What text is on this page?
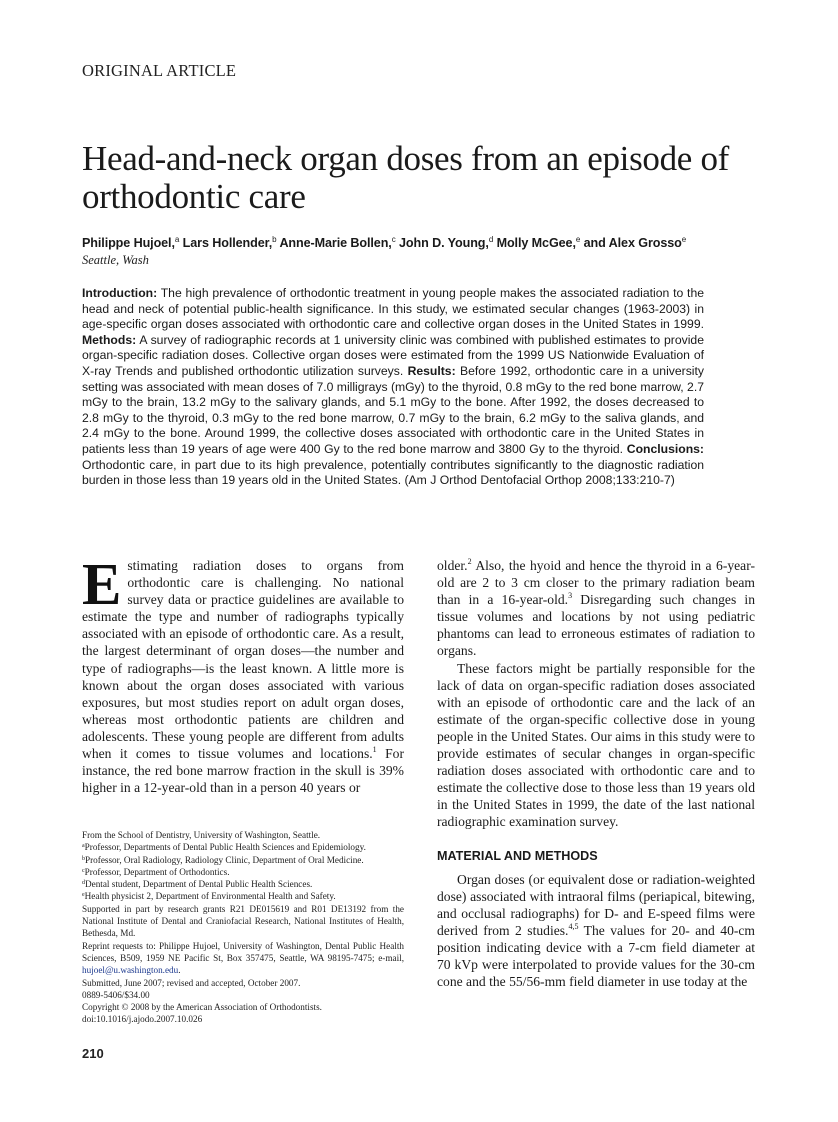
ORIGINAL ARTICLE
Head-and-neck organ doses from an episode of orthodontic care
Philippe Hujoel,$^a$ Lars Hollender,$^b$ Anne-Marie Bollen,$^c$ John D. Young,$^d$ Molly McGee,$^e$ and Alex Grosso$^e$
Seattle, Wash

Introduction: The high prevalence of orthodontic treatment in young people makes the associated radiation to the head and neck of potential public-health significance. In this study, we estimated secular changes (1963-2003) in age-specific organ doses associated with orthodontic care and collective organ doses in the United States in 1999. Methods: A survey of radiographic records at 1 university clinic was combined with published estimates to provide organ-specific radiation doses. Collective organ doses were estimated from the 1999 US Nationwide Evaluation of X-ray Trends and published orthodontic utilization surveys. Results: Before 1992, orthodontic care in a university setting was associated with mean doses of 7.0 milligrays (mGy) to the thyroid, 0.8 mGy to the red bone marrow, 2.7 mGy to the brain, 13.2 mGy to the salivary glands, and 5.1 mGy to the bone. After 1992, the doses decreased to 2.8 mGy to the thyroid, 0.3 mGy to the red bone marrow, 0.7 mGy to the brain, 6.2 mGy to the saliva glands, and 2.4 mGy to the bone. Around 1999, the collective doses associated with orthodontic care in the United States in patients less than 19 years of age were 400 Gy to the red bone marrow and 3800 Gy to the thyroid. Conclusions: Orthodontic care, in part due to its high prevalence, potentially contributes significantly to the diagnostic radiation burden in those less than 19 years old in the United States. (Am J Orthod Dentofacial Orthop 2008;133:210-7)

Estimating radiation doses to organs from orthodontic care is challenging. No national survey data or practice guidelines are available to estimate the type and number of radiographs typically associated with an episode of orthodontic care. As a result, the largest determinant of organ doses—the number and type of radiographs—is the least known. A little more is known about the organ doses associated with various exposures, but most studies report on adult organ doses, whereas most orthodontic patients are children and adolescents. These young people are different from adults when it comes to tissue volumes and locations.$^1$ For instance, the red bone marrow fraction in the skull is 39% higher in a 12-year-old than in a person 40 years or

older.$^2$ Also, the hyoid and hence the thyroid in a 6-year-old are 2 to 3 cm closer to the primary radiation beam than in a 16-year-old.$^3$ Disregarding such changes in tissue volumes and locations by not using pediatric phantoms can lead to erroneous estimates of radiation to organs.

These factors might be partially responsible for the lack of data on organ-specific radiation doses associated with an episode of orthodontic care and the lack of an estimate of the organ-specific collective dose in young people in the United States. Our aims in this study were to provide estimates of secular changes in organ-specific radiation doses associated with orthodontic care and to estimate the collective dose to those less than 19 years old in the United States in 1999, the date of the last national radiographic examination survey.

MATERIAL AND METHODS

Organ doses (or equivalent dose or radiation-weighted dose) associated with intraoral films (periapical, bitewing, and occlusal radiographs) for D- and E-speed films were derived from 2 studies.$^{4,5}$ The values for 20- and 40-cm position indicating device with a 7-cm field diameter at 70 kVp were interpolated to provide values for the 30-cm cone and the 55/56-mm field diameter in use today at the

From the School of Dentistry, University of Washington, Seattle.

$^a$Professor, Departments of Dental Public Health Sciences and Epidemiology.

$^b$Professor, Oral Radiology, Radiology Clinic, Department of Oral Medicine.

$^c$Professor, Department of Orthodontics.

$^d$Dental student, Department of Dental Public Health Sciences.

$^e$Health physicist 2, Department of Environmental Health and Safety.

Supported in part by research grants R21 DE015619 and R01 DE13192 from the National Institute of Dental and Craniofacial Research, National Institutes of Health, Bethesda, Md.

Reprint requests to: Philippe Hujoel, University of Washington, Dental Public Health Sciences, B509, 1959 NE Pacific St, Box 357475, Seattle, WA 98195-7475; e-mail, hujoel@u.washington.edu.

Submitted, June 2007; revised and accepted, October 2007.

0889-5406/$34.00

Copyright © 2008 by the American Association of Orthodontists.

doi:10.1016/j.ajodo.2007.10.026

210
